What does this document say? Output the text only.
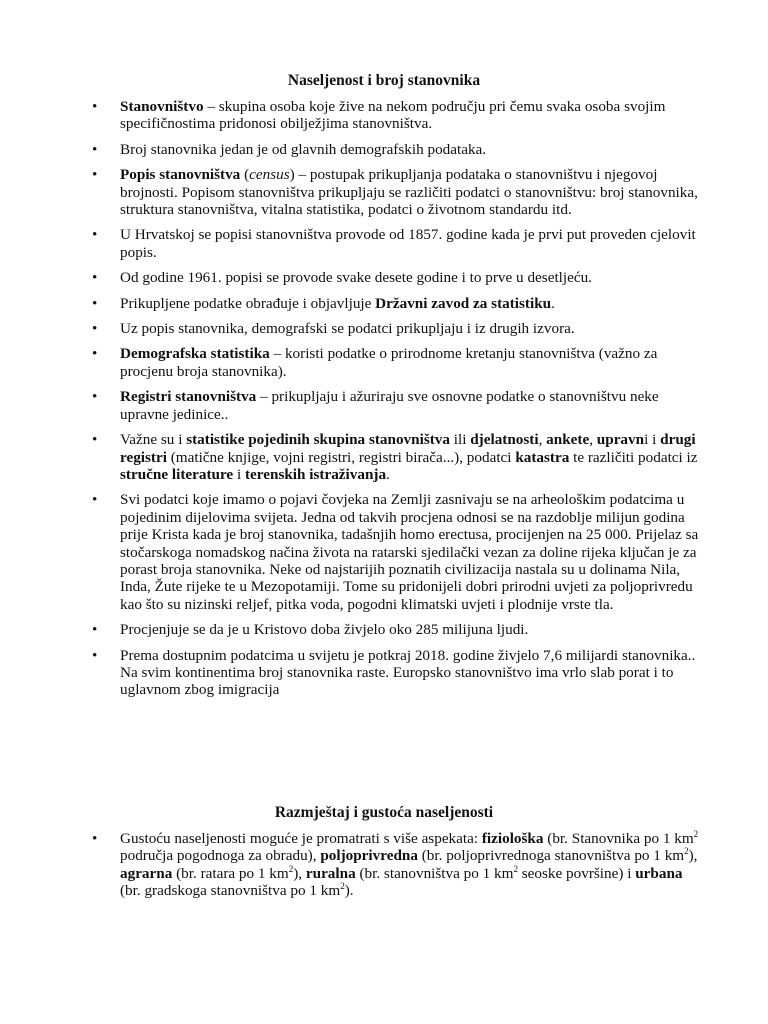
Naseljenost i broj stanovnika
• Stanovništvo – skupina osoba koje žive na nekom području pri čemu svaka osoba svojim specifičnostima pridonosi obilježjima stanovništva.
• Broj stanovnika jedan je od glavnih demografskih podataka.
• Popis stanovništva (census) – postupak prikupljanja podataka o stanovništvu i njegovoj brojnosti. Popisom stanovništva prikupljaju se različiti podatci o stanovništvu: broj stanovnika, struktura stanovništva, vitalna statistika, podatci o životnom standardu itd.
• U Hrvatskoj se popisi stanovništva provode od 1857. godine kada je prvi put proveden cjelovit popis.
• Od godine 1961. popisi se provode svake desete godine i to prve u desetljeću.
• Prikupljene podatke obrađuje i objavljuje Državni zavod za statistiku.
• Uz popis stanovnika, demografski se podatci prikupljaju i iz drugih izvora.
• Demografska statistika – koristi podatke o prirodnome kretanju stanovništva (važno za procjenu broja stanovnika).
• Registri stanovništva – prikupljaju i ažuriraju sve osnovne podatke o stanovništvu neke upravne jedinice..
• Važne su i statistike pojedinih skupina stanovništva ili djelatnosti, ankete, upravni i drugi registri (matične knjige, vojni registri, registri birača...), podatci katastra te različiti podatci iz stručne literature i terenskih istraživanja.
• Svi podatci koje imamo o pojavi čovjeka na Zemlji zasnivaju se na arheološkim podatcima u pojedinim dijelovima svijeta. Jedna od takvih procjena odnosi se na razdoblje milijun godina prije Krista kada je broj stanovnika, tadašnjih homo erectusa, procijenjen na 25 000. Prijelaz sa stočarskoga nomadskog načina života na ratarski sjedilački vezan za doline rijeka ključan je za porast broja stanovnika. Neke od najstarijih poznatih civilizacija nastala su u dolinama Nila, Inda, Žute rijeke te u Mezopotamiji. Tome su pridonijeli dobri prirodni uvjeti za poljoprivredu kao što su nizinski reljef, pitka voda, pogodni klimatski uvjeti i plodnije vrste tla.
• Procjenjuje se da je u Kristovo doba živjelo oko 285 milijuna ljudi.
• Prema dostupnim podatcima u svijetu je potkraj 2018. godine živjelo 7,6 milijardi stanovnika.. Na svim kontinentima broj stanovnika raste. Europsko stanovništvo ima vrlo slab porat i to uglavnom zbog imigracija
Razmještaj i gustoća naseljenosti
• Gustoću naseljenosti moguće je promatrati s više aspekata: fiziološka (br. Stanovnika po 1 $km^2$ područja pogodnoga za obradu), poljoprivredna (br. poljoprivrednoga stanovništva po 1 $km^2$), agrarna (br. ratara po 1 $km^2$), ruralna (br. stanovništva po 1 $km^2$ seoske površine) i urbana (br. gradskoga stanovništva po 1 $km^2$).
